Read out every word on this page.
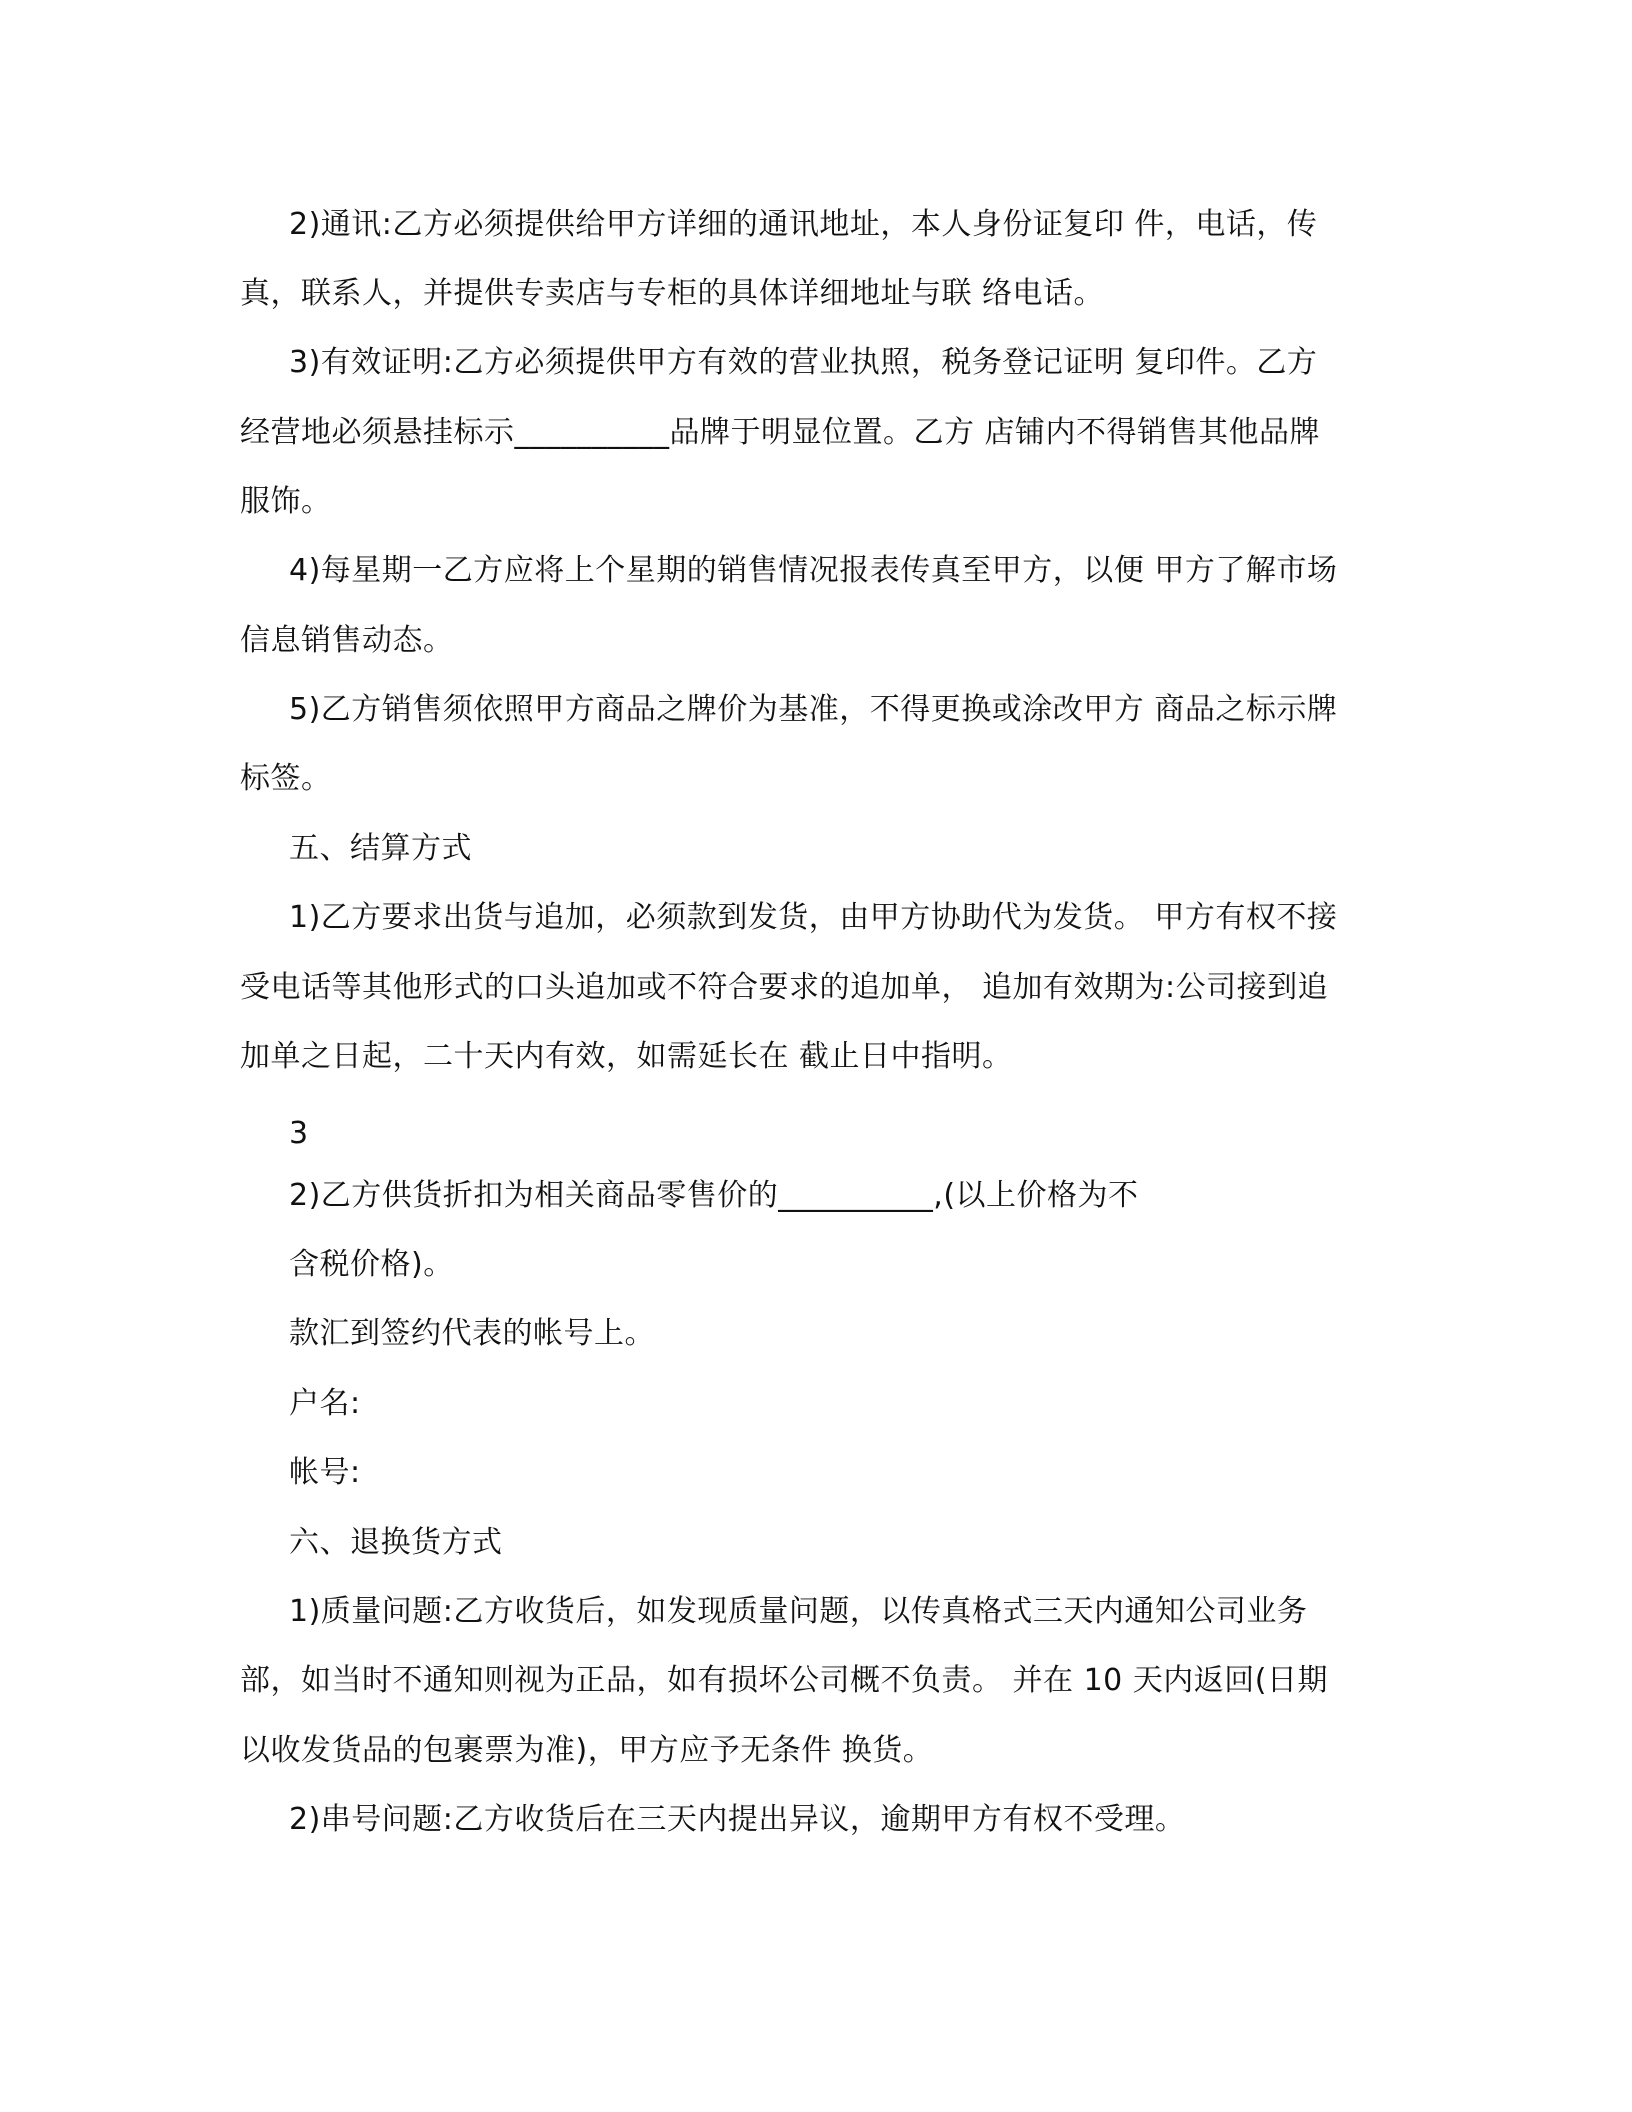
2)通讯:乙方必须提供给甲方详细的通讯地址，本人身份证复印 件，电话，传
真，联系人，并提供专卖店与专柜的具体详细地址与联 络电话。
3)有效证明:乙方必须提供甲方有效的营业执照，税务登记证明 复印件。乙方
经营地必须悬挂标示__________品牌于明显位置。乙方 店铺内不得销售其他品牌
服饰。
4)每星期一乙方应将上个星期的销售情况报表传真至甲方，以便 甲方了解市场
信息销售动态。
5)乙方销售须依照甲方商品之牌价为基准，不得更换或涂改甲方 商品之标示牌
标签。
五、结算方式
1)乙方要求出货与追加，必须款到发货，由甲方协助代为发货。 甲方有权不接
受电话等其他形式的口头追加或不符合要求的追加单， 追加有效期为:公司接到追
加单之日起，二十天内有效，如需延长在 截止日中指明。
3
2)乙方供货折扣为相关商品零售价的__________,(以上价格为不
含税价格)。
款汇到签约代表的帐号上。
户名:
帐号:
六、退换货方式
1)质量问题:乙方收货后，如发现质量问题，以传真格式三天内通知公司业务
部，如当时不通知则视为正品，如有损坏公司概不负责。 并在 10 天内返回(日期
以收发货品的包裹票为准)，甲方应予无条件 换货。
2)串号问题:乙方收货后在三天内提出异议，逾期甲方有权不受理。
